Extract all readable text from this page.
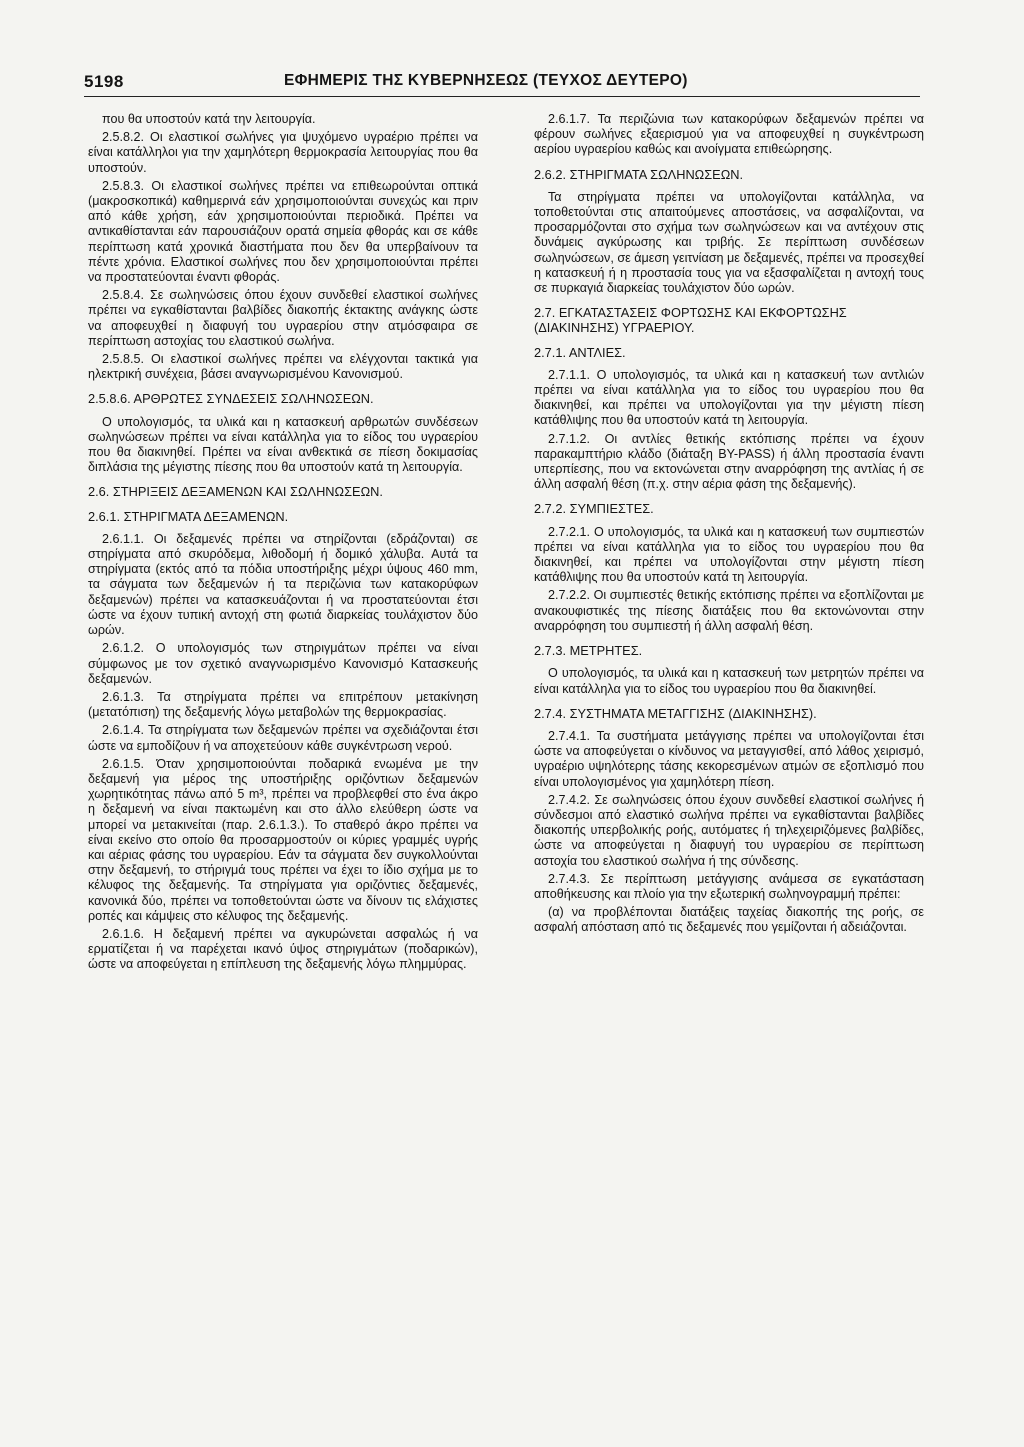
5198	ΕΦΗΜΕΡΙΣ ΤΗΣ ΚΥΒΕΡΝΗΣΕΩΣ (ΤΕΥΧΟΣ ΔΕΥΤΕΡΟ)

που θα υποστούν κατά την λειτουργία.

2.5.8.2. Οι ελαστικοί σωλήνες για ψυχόμενο υγραέριο πρέπει να είναι κατάλληλοι για την χαμηλότερη θερμοκρασία λειτουργίας που θα υποστούν.

2.5.8.3. Οι ελαστικοί σωλήνες πρέπει να επιθεωρούνται οπτικά (μακροσκοπικά) καθημερινά εάν χρησιμοποιούνται συνεχώς και πριν από κάθε χρήση, εάν χρησιμοποιούνται περιοδικά. Πρέπει να αντικαθίστανται εάν παρουσιάζουν ορατά σημεία φθοράς και σε κάθε περίπτωση κατά χρονικά διαστήματα που δεν θα υπερβαίνουν τα πέντε χρόνια. Ελαστικοί σωλήνες που δεν χρησιμοποιούνται πρέπει να προστατεύονται έναντι φθοράς.

2.5.8.4. Σε σωληνώσεις όπου έχουν συνδεθεί ελαστικοί σωλήνες πρέπει να εγκαθίστανται βαλβίδες διακοπής έκτακτης ανάγκης ώστε να αποφευχθεί η διαφυγή του υγραερίου στην ατμόσφαιρα σε περίπτωση αστοχίας του ελαστικού σωλήνα.

2.5.8.5. Οι ελαστικοί σωλήνες πρέπει να ελέγχονται τακτικά για ηλεκτρική συνέχεια, βάσει αναγνωρισμένου Κανονισμού.

2.5.8.6. ΑΡΘΡΩΤΕΣ ΣΥΝΔΕΣΕΙΣ ΣΩΛΗΝΩΣΕΩΝ.

Ο υπολογισμός, τα υλικά και η κατασκευή αρθρωτών συνδέσεων σωληνώσεων πρέπει να είναι κατάλληλα για το είδος του υγραερίου που θα διακινηθεί. Πρέπει να είναι ανθεκτικά σε πίεση δοκιμασίας διπλάσια της μέγιστης πίεσης που θα υποστούν κατά τη λειτουργία.

2.6. ΣΤΗΡΙΞΕΙΣ ΔΕΞΑΜΕΝΩΝ ΚΑΙ ΣΩΛΗΝΩΣΕΩΝ.

2.6.1. ΣΤΗΡΙΓΜΑΤΑ ΔΕΞΑΜΕΝΩΝ.

2.6.1.1. Οι δεξαμενές πρέπει να στηρίζονται (εδράζονται) σε στηρίγματα από σκυρόδεμα, λιθοδομή ή δομικό χάλυβα. Αυτά τα στηρίγματα (εκτός από τα πόδια υποστήριξης μέχρι ύψους 460 mm, τα σάγματα των δεξαμενών ή τα περιζώνια των κατακορύφων δεξαμενών) πρέπει να κατασκευάζονται ή να προστατεύονται έτσι ώστε να έχουν τυπική αντοχή στη φωτιά διαρκείας τουλάχιστον δύο ωρών.

2.6.1.2. Ο υπολογισμός των στηριγμάτων πρέπει να είναι σύμφωνος με τον σχετικό αναγνωρισμένο Κανονισμό Κατασκευής δεξαμενών.

2.6.1.3. Τα στηρίγματα πρέπει να επιτρέπουν μετακίνηση (μετατόπιση) της δεξαμενής λόγω μεταβολών της θερμοκρασίας.

2.6.1.4. Τα στηρίγματα των δεξαμενών πρέπει να σχεδιάζονται έτσι ώστε να εμποδίζουν ή να αποχετεύουν κάθε συγκέντρωση νερού.

2.6.1.5. Όταν χρησιμοποιούνται ποδαρικά ενωμένα με την δεξαμενή για μέρος της υποστήριξης οριζόντιων δεξαμενών χωρητικότητας πάνω από 5 m³, πρέπει να προβλεφθεί στο ένα άκρο η δεξαμενή να είναι πακτωμένη και στο άλλο ελεύθερη ώστε να μπορεί να μετακινείται (παρ. 2.6.1.3.). Το σταθερό άκρο πρέπει να είναι εκείνο στο οποίο θα προσαρμοστούν οι κύριες γραμμές υγρής και αέριας φάσης του υγραερίου. Εάν τα σάγματα δεν συγκολλούνται στην δεξαμενή, το στήριγμά τους πρέπει να έχει το ίδιο σχήμα με το κέλυφος της δεξαμενής. Τα στηρίγματα για οριζόντιες δεξαμενές, κανονικά δύο, πρέπει να τοποθετούνται ώστε να δίνουν τις ελάχιστες ροπές και κάμψεις στο κέλυφος της δεξαμενής.

2.6.1.6. Η δεξαμενή πρέπει να αγκυρώνεται ασφαλώς ή να ερματίζεται ή να παρέχεται ικανό ύψος στηριγμάτων (ποδαρικών), ώστε να αποφεύγεται η επίπλευση της δεξαμενής λόγω πλημμύρας.

2.6.1.7. Τα περιζώνια των κατακορύφων δεξαμενών πρέπει να φέρουν σωλήνες εξαερισμού για να αποφευχθεί η συγκέντρωση αερίου υγραερίου καθώς και ανοίγματα επιθεώρησης.

2.6.2. ΣΤΗΡΙΓΜΑΤΑ ΣΩΛΗΝΩΣΕΩΝ.

Τα στηρίγματα πρέπει να υπολογίζονται κατάλληλα, να τοποθετούνται στις απαιτούμενες αποστάσεις, να ασφαλίζονται, να προσαρμόζονται στο σχήμα των σωληνώσεων και να αντέχουν στις δυνάμεις αγκύρωσης και τριβής. Σε περίπτωση συνδέσεων σωληνώσεων, σε άμεση γειτνίαση με δεξαμενές, πρέπει να προσεχθεί η κατασκευή ή η προστασία τους για να εξασφαλίζεται η αντοχή τους σε πυρκαγιά διαρκείας τουλάχιστον δύο ωρών.

2.7. ΕΓΚΑΤΑΣΤΑΣΕΙΣ ΦΟΡΤΩΣΗΣ ΚΑΙ ΕΚΦΟΡΤΩΣΗΣ (ΔΙΑΚΙΝΗΣΗΣ) ΥΓΡΑΕΡΙΟΥ.

2.7.1. ΑΝΤΛΙΕΣ.

2.7.1.1. Ο υπολογισμός, τα υλικά και η κατασκευή των αντλιών πρέπει να είναι κατάλληλα για το είδος του υγραερίου που θα διακινηθεί, και πρέπει να υπολογίζονται για την μέγιστη πίεση κατάθλιψης που θα υποστούν κατά τη λειτουργία.

2.7.1.2. Οι αντλίες θετικής εκτόπισης πρέπει να έχουν παρακαμπτήριο κλάδο (διάταξη BY-PASS) ή άλλη προστασία έναντι υπερπίεσης, που να εκτονώνεται στην αναρρόφηση της αντλίας ή σε άλλη ασφαλή θέση (π.χ. στην αέρια φάση της δεξαμενής).

2.7.2. ΣΥΜΠΙΕΣΤΕΣ.

2.7.2.1. Ο υπολογισμός, τα υλικά και η κατασκευή των συμπιεστών πρέπει να είναι κατάλληλα για το είδος του υγραερίου που θα διακινηθεί, και πρέπει να υπολογίζονται στην μέγιστη πίεση κατάθλιψης που θα υποστούν κατά τη λειτουργία.

2.7.2.2. Οι συμπιεστές θετικής εκτόπισης πρέπει να εξοπλίζονται με ανακουφιστικές της πίεσης διατάξεις που θα εκτονώνονται στην αναρρόφηση του συμπιεστή ή άλλη ασφαλή θέση.

2.7.3. ΜΕΤΡΗΤΕΣ.

Ο υπολογισμός, τα υλικά και η κατασκευή των μετρητών πρέπει να είναι κατάλληλα για το είδος του υγραερίου που θα διακινηθεί.

2.7.4. ΣΥΣΤΗΜΑΤΑ ΜΕΤΑΓΓΙΣΗΣ (ΔΙΑΚΙΝΗΣΗΣ).

2.7.4.1. Τα συστήματα μετάγγισης πρέπει να υπολογίζονται έτσι ώστε να αποφεύγεται ο κίνδυνος να μεταγγισθεί, από λάθος χειρισμό, υγραέριο υψηλότερης τάσης κεκορεσμένων ατμών σε εξοπλισμό που είναι υπολογισμένος για χαμηλότερη πίεση.

2.7.4.2. Σε σωληνώσεις όπου έχουν συνδεθεί ελαστικοί σωλήνες ή σύνδεσμοι από ελαστικό σωλήνα πρέπει να εγκαθίστανται βαλβίδες διακοπής υπερβολικής ροής, αυτόματες ή τηλεχειριζόμενες βαλβίδες, ώστε να αποφεύγεται η διαφυγή του υγραερίου σε περίπτωση αστοχία του ελαστικού σωλήνα ή της σύνδεσης.

2.7.4.3. Σε περίπτωση μετάγγισης ανάμεσα σε εγκατάσταση αποθήκευσης και πλοίο για την εξωτερική σωληνογραμμή πρέπει:

(α) να προβλέπονται διατάξεις ταχείας διακοπής της ροής, σε ασφαλή απόσταση από τις δεξαμενές που γεμίζονται ή αδειάζονται.
